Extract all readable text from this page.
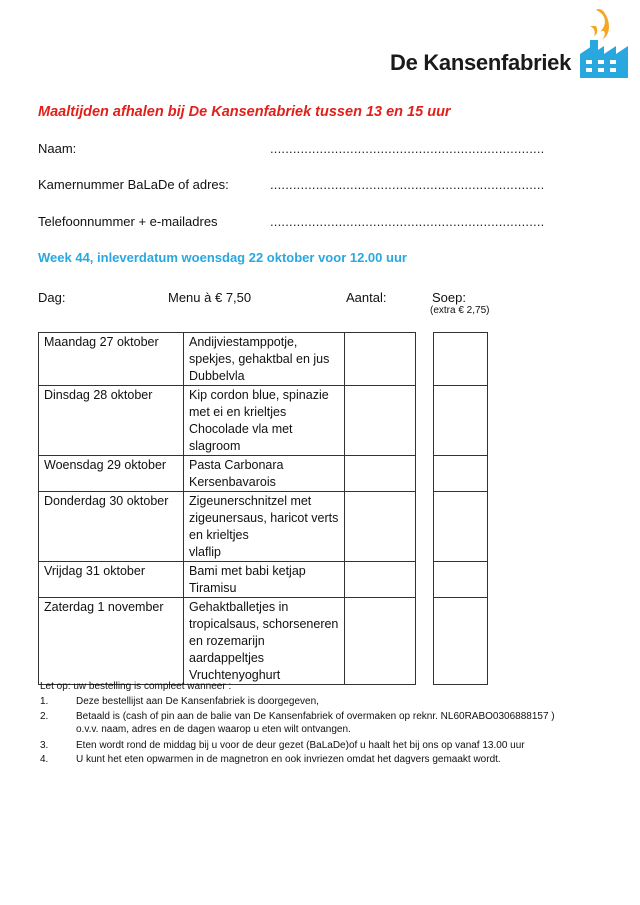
De Kansenfabriek
Maaltijden afhalen bij De Kansenfabriek tussen 13 en 15 uur
Naam:	........................................................................
Kamernummer BaLaDe of adres:	........................................................................
Telefoonnummer + e-mailadres	........................................................................
Week 44, inleverdatum woensdag 22 oktober voor 12.00 uur
Dag:	Menu à € 7,50	Aantal:	Soep:
(extra € 2,75)
Maandag 27 oktober	Andijviestamppotje,
spekjes, gehaktbal en jus
Dubbelvla	

Dinsdag 28 oktober	Kip cordon blue, spinazie
met ei en krieltjes
Chocolade vla met
slagroom	

Woensdag 29 oktober	Pasta Carbonara
Kersenbavarois	

Donderdag 30 oktober	Zigeunerschnitzel met
zigeunersaus, haricot verts
en krieltjes
vlaflip	

Vrijdag 31 oktober	Bami met babi ketjap
Tiramisu	

Zaterdag 1 november	Gehaktballetjes in
tropicalsaus, schorseneren
en rozemarijn
aardappeltjes
Vruchtenyoghurt	

Let op: uw bestelling is compleet wanneer :
1.	Deze bestellijst aan De Kansenfabriek is doorgegeven,
2.	Betaald is (cash of pin aan de balie van De Kansenfabriek of overmaken op reknr. NL60RABO0306888157 )
o.v.v. naam, adres en de dagen waarop u eten wilt ontvangen.
3.	Eten wordt rond de middag bij u voor de deur gezet (BaLaDe)of u haalt het bij ons op vanaf 13.00 uur
4.	U kunt het eten opwarmen in de magnetron en ook invriezen omdat het dagvers gemaakt wordt.
